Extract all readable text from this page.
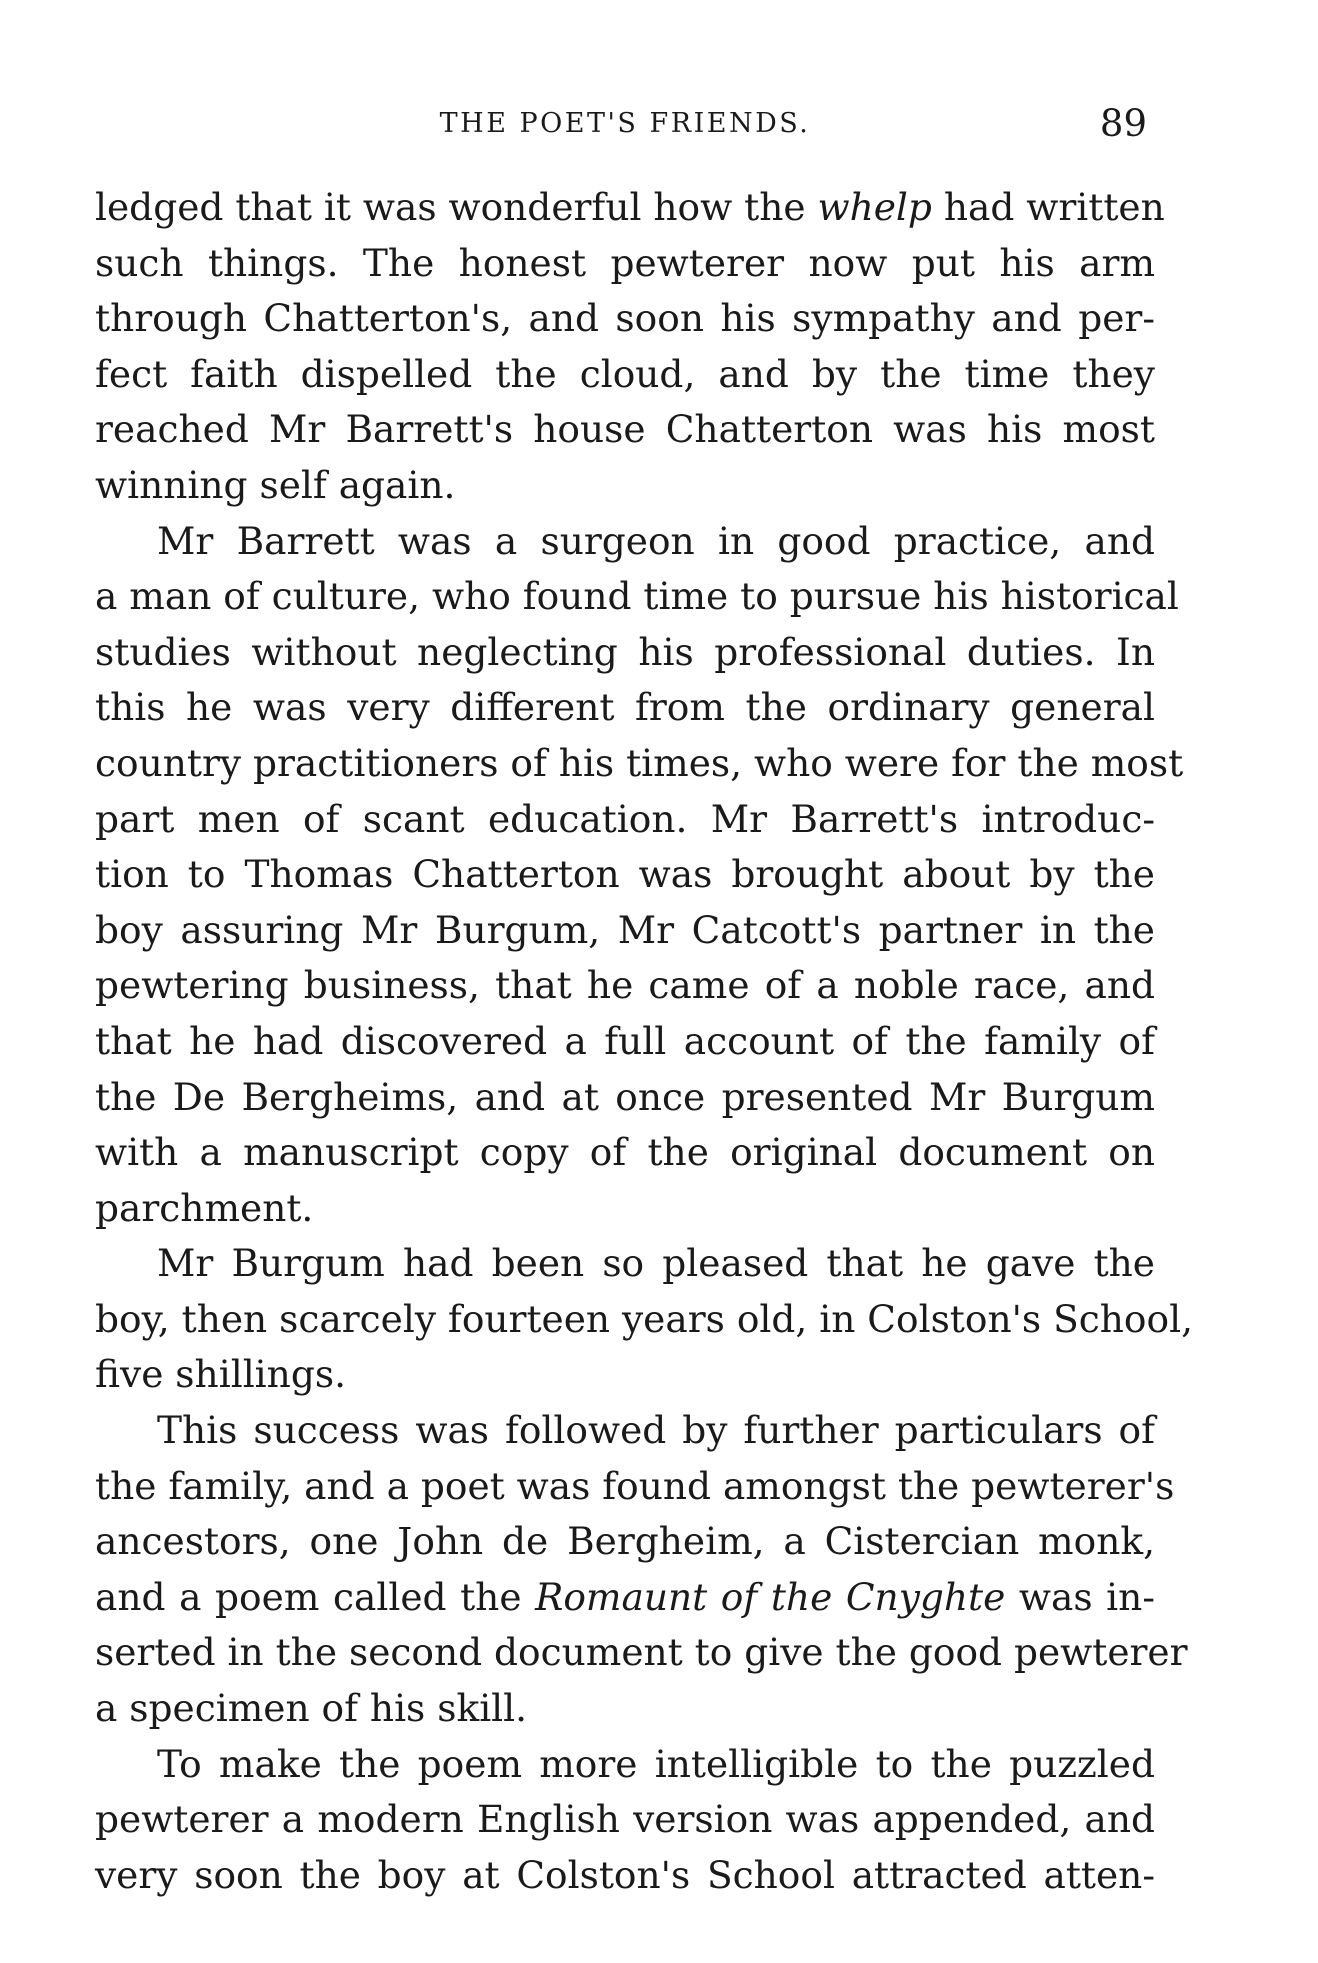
THE POET'S FRIENDS.	89
ledged that it was wonderful how the whelp had written
such things. The honest pewterer now put his arm
through Chatterton's, and soon his sympathy and per-
fect faith dispelled the cloud, and by the time they
reached Mr Barrett's house Chatterton was his most
winning self again.
Mr Barrett was a surgeon in good practice, and
a man of culture, who found time to pursue his historical
studies without neglecting his professional duties. In
this he was very different from the ordinary general
country practitioners of his times, who were for the most
part men of scant education. Mr Barrett's introduc-
tion to Thomas Chatterton was brought about by the
boy assuring Mr Burgum, Mr Catcott's partner in the
pewtering business, that he came of a noble race, and
that he had discovered a full account of the family of
the De Bergheims, and at once presented Mr Burgum
with a manuscript copy of the original document on
parchment.
Mr Burgum had been so pleased that he gave the
boy, then scarcely fourteen years old, in Colston's School,
five shillings.
This success was followed by further particulars of
the family, and a poet was found amongst the pewterer's
ancestors, one John de Bergheim, a Cistercian monk,
and a poem called the Romaunt of the Cnyghte was in-
serted in the second document to give the good pewterer
a specimen of his skill.
To make the poem more intelligible to the puzzled
pewterer a modern English version was appended, and
very soon the boy at Colston's School attracted atten-
